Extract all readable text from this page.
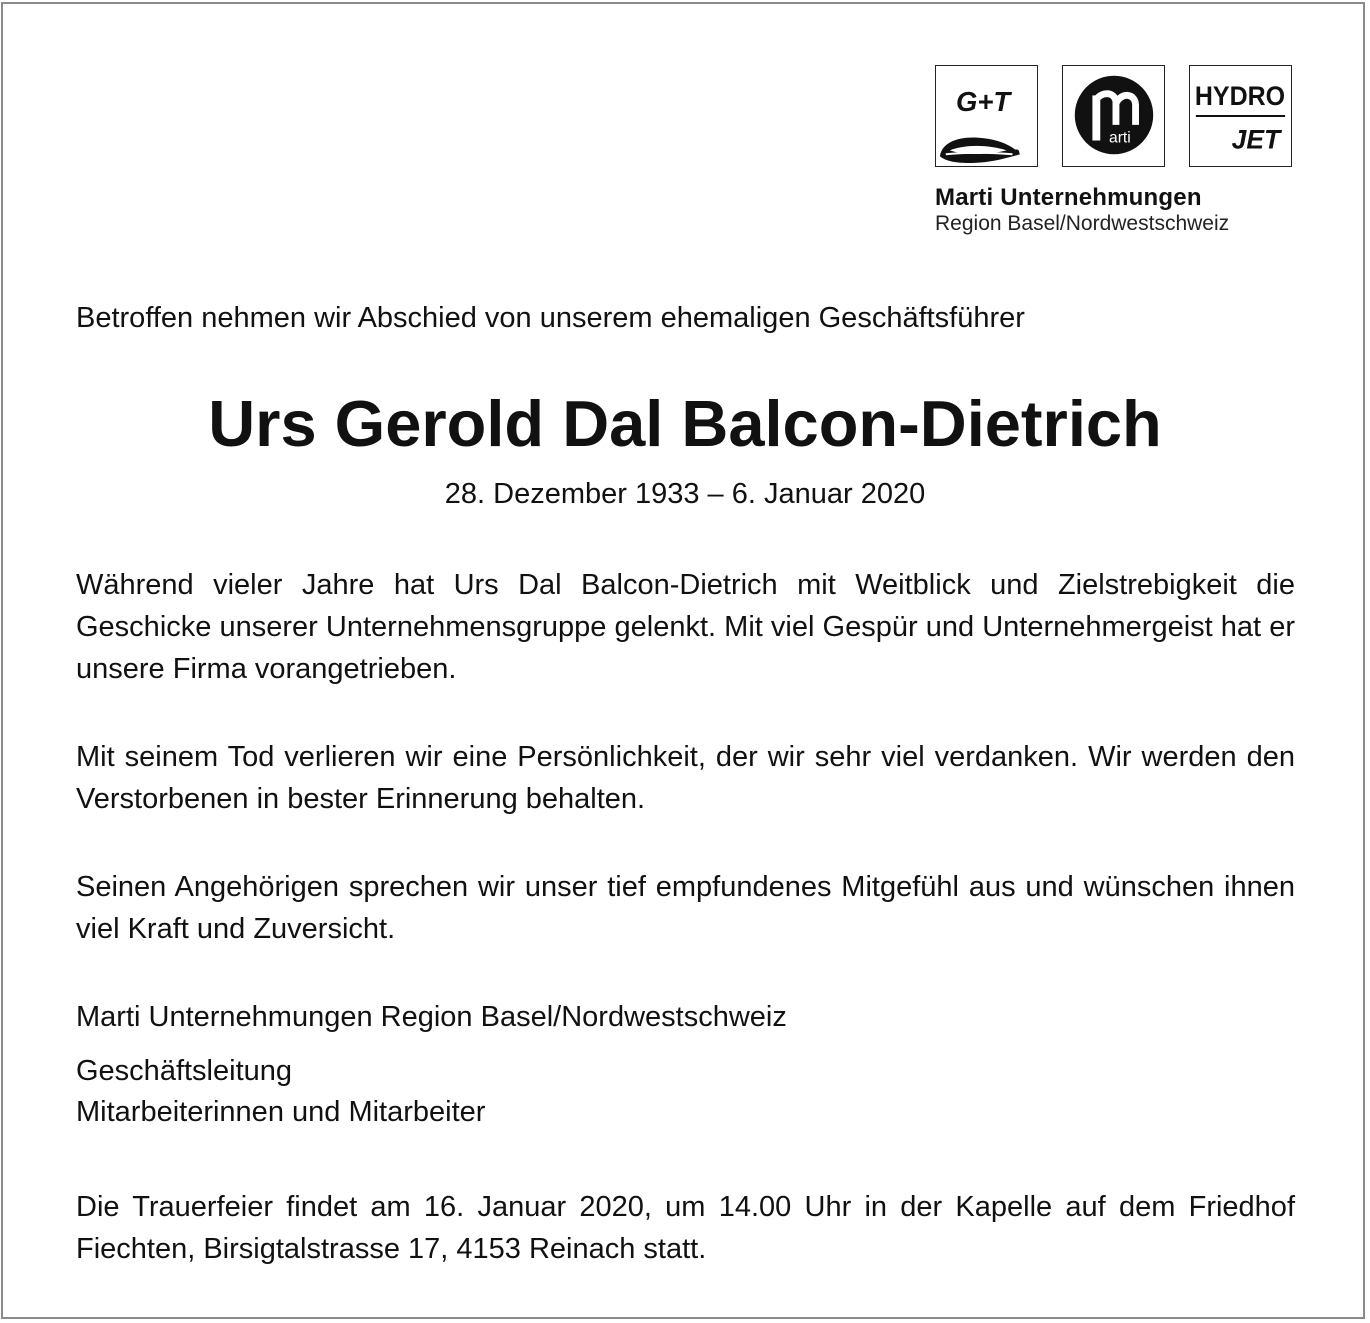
G+T
arti
HYDRO
JET
Marti Unternehmungen
Region Basel/Nordwestschweiz
Betroffen nehmen wir Abschied von unserem ehemaligen Geschäftsführer
Urs Gerold Dal Balcon-Dietrich
28. Dezember 1933 – 6. Januar 2020
Während vieler Jahre hat Urs Dal Balcon-Dietrich mit Weitblick und Zielstrebigkeit die Geschicke unserer Unternehmensgruppe gelenkt. Mit viel Gespür und Unternehmergeist hat er unsere Firma vorangetrieben.
Mit seinem Tod verlieren wir eine Persönlichkeit, der wir sehr viel verdanken. Wir werden den Verstorbenen in bester Erinnerung behalten.
Seinen Angehörigen sprechen wir unser tief empfundenes Mitgefühl aus und wünschen ihnen viel Kraft und Zuversicht.
Marti Unternehmungen Region Basel/Nordwestschweiz
Geschäftsleitung
Mitarbeiterinnen und Mitarbeiter
Die Trauerfeier findet am 16. Januar 2020, um 14.00 Uhr in der Kapelle auf dem Friedhof Fiechten, Birsigtalstrasse 17, 4153 Reinach statt.
